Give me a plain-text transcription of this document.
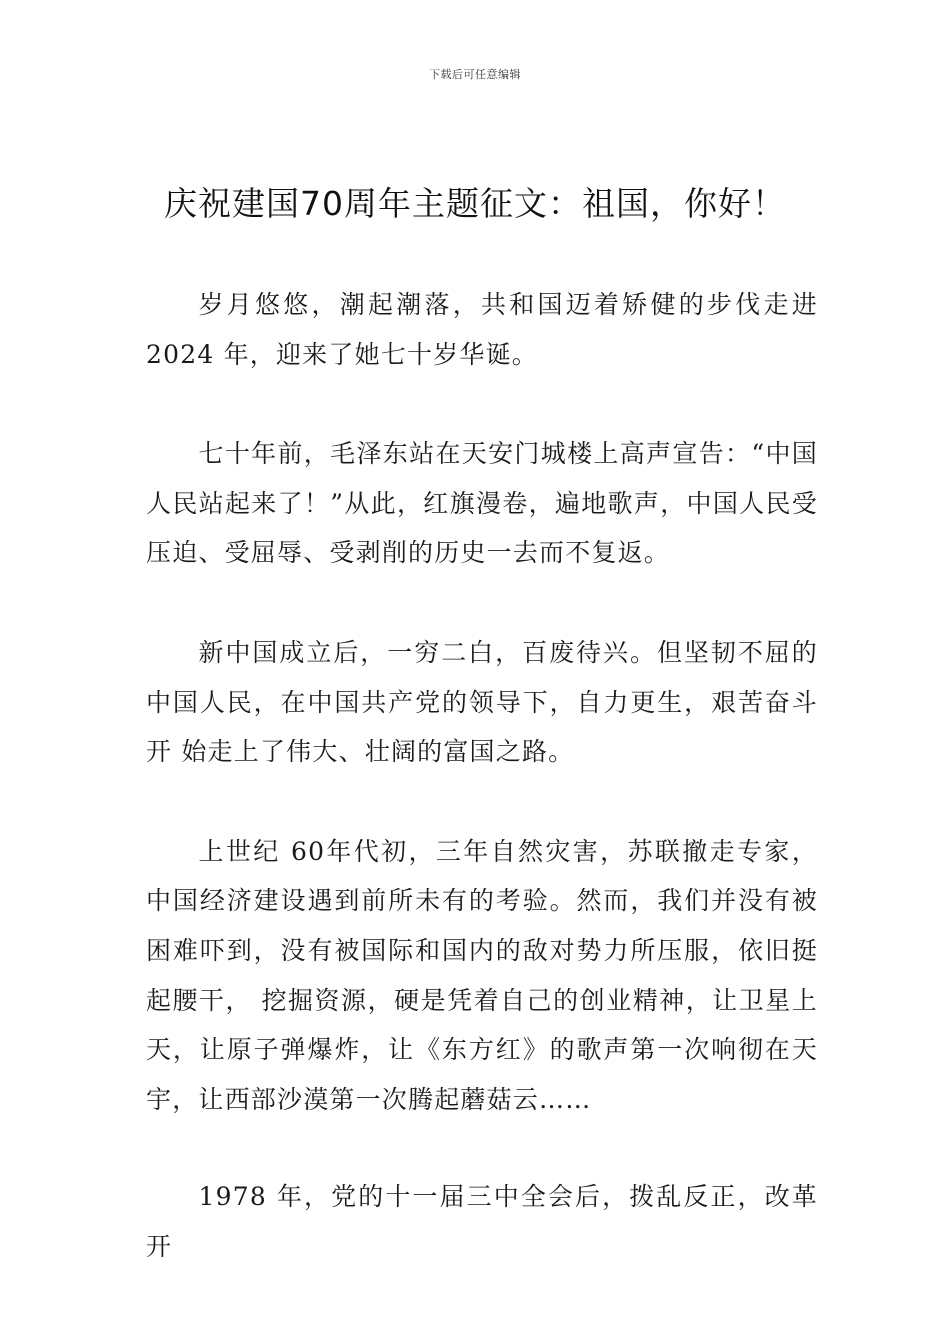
下载后可任意编辑
庆祝建国70周年主题征文：祖国，你好！

岁月悠悠，潮起潮落，共和国迈着矫健的步伐走进 2024 年，迎来了她七十岁华诞。

七十年前，毛泽东站在天安门城楼上高声宣告：“中国人民站起来了！”从此，红旗漫卷，遍地歌声，中国人民受 压迫、受屈辱、受剥削的历史一去而不复返。

新中国成立后，一穷二白，百废待兴。但坚韧不屈的中国人民，在中国共产党的领导下，自力更生，艰苦奋斗开 始走上了伟大、壮阔的富国之路。

上世纪 60年代初，三年自然灾害，苏联撤走专家，中国经济建设遇到前所未有的考验。然而，我们并没有被困难吓到，没有被国际和国内的敌对势力所压服，依旧挺起腰干， 挖掘资源，硬是凭着自己的创业精神，让卫星上天，让原子弹爆炸，让《东方红》的歌声第一次响彻在天宇，让西部沙漠第一次腾起蘑菇云……

1978 年，党的十一届三中全会后，拨乱反正，改革开
